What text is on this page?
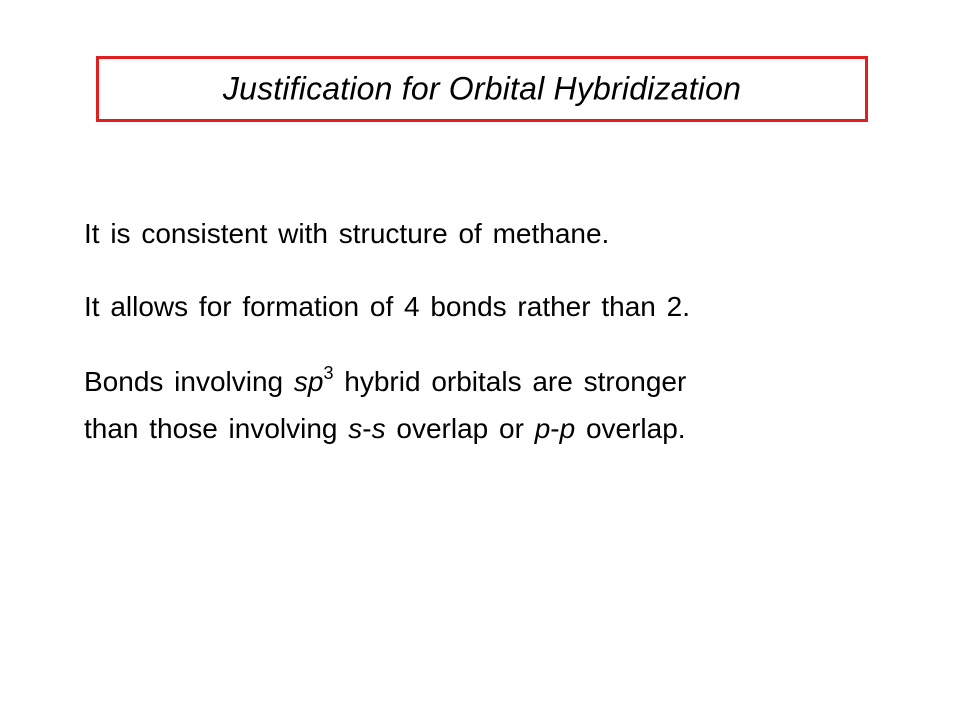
Justification for Orbital Hybridization
It is consistent with structure of methane.
It allows for formation of 4 bonds rather than 2.
Bonds involving $sp^3$ hybrid orbitals are stronger
than those involving s-s overlap or p-p overlap.
